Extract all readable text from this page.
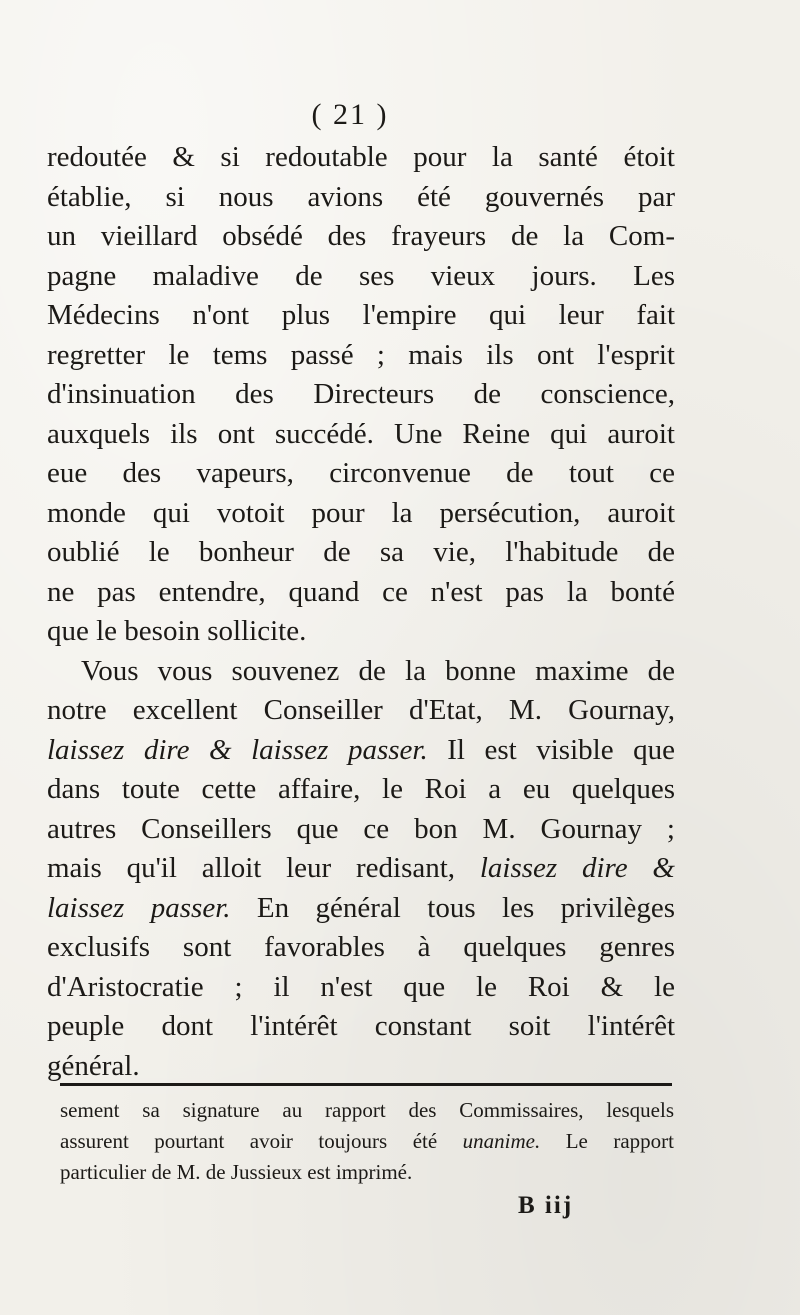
( 21 )
redoutée & si redoutable pour la santé étoit
établie, si nous avions été gouvernés par
un vieillard obsédé des frayeurs de la Com-
pagne maladive de ses vieux jours. Les
Médecins n'ont plus l'empire qui leur fait
regretter le tems passé ; mais ils ont l'esprit
d'insinuation des Directeurs de conscience,
auxquels ils ont succédé. Une Reine qui auroit
eue des vapeurs, circonvenue de tout ce
monde qui votoit pour la persécution, auroit
oublié le bonheur de sa vie, l'habitude de
ne pas entendre, quand ce n'est pas la bonté
que le besoin sollicite.
Vous vous souvenez de la bonne maxime de
notre excellent Conseiller d'Etat, M. Gournay,
laissez dire & laissez passer. Il est visible que
dans toute cette affaire, le Roi a eu quelques
autres Conseillers que ce bon M. Gournay ;
mais qu'il alloit leur redisant, laissez dire &
laissez passer. En général tous les privilèges
exclusifs sont favorables à quelques genres
d'Aristocratie ; il n'est que le Roi & le
peuple dont l'intérêt constant soit l'intérêt
général.
sement sa signature au rapport des Commissaires, lesquels
assurent pourtant avoir toujours été unanime. Le rapport
particulier de M. de Jussieux est imprimé.
B iij
